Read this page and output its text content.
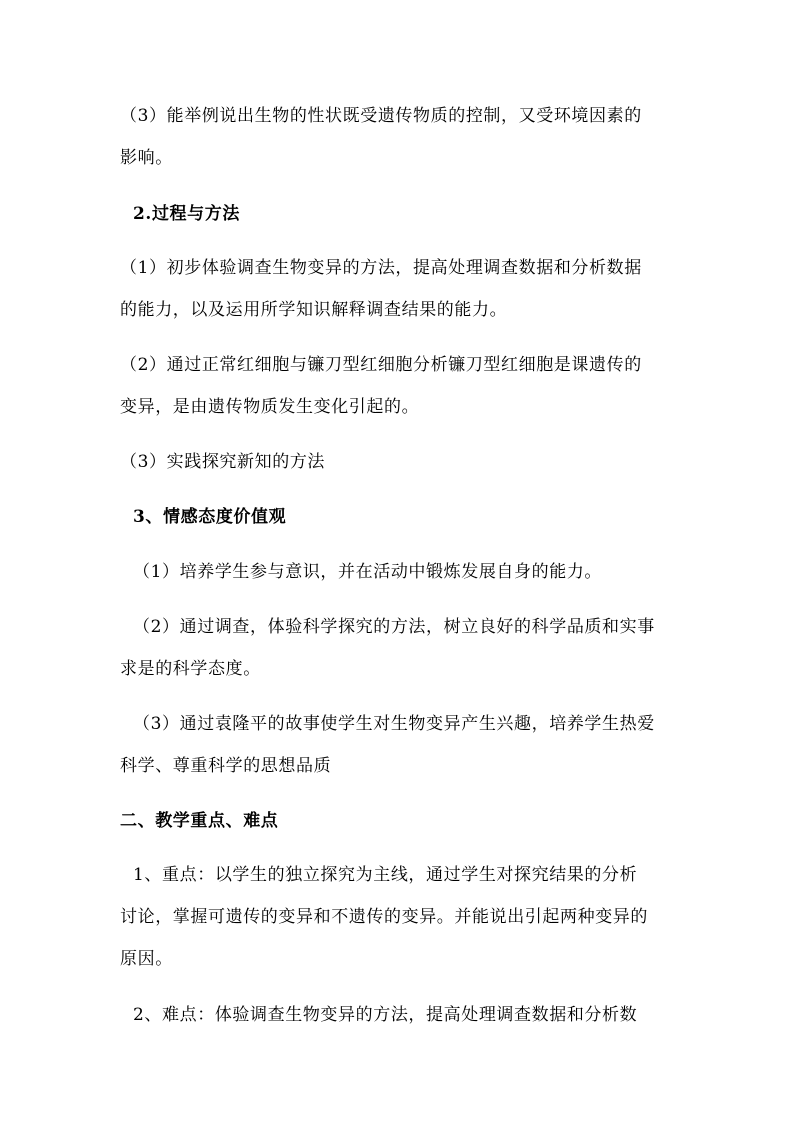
（3）能举例说出生物的性状既受遗传物质的控制，又受环境因素的
影响。

2.过程与方法

（1）初步体验调查生物变异的方法，提高处理调查数据和分析数据
的能力，以及运用所学知识解释调查结果的能力。

（2）通过正常红细胞与镰刀型红细胞分析镰刀型红细胞是课遗传的
变异，是由遗传物质发生变化引起的。

（3）实践探究新知的方法

3、情感态度价值观

（1）培养学生参与意识，并在活动中锻炼发展自身的能力。

（2）通过调查，体验科学探究的方法，树立良好的科学品质和实事
求是的科学态度。

（3）通过袁隆平的故事使学生对生物变异产生兴趣，培养学生热爱
科学、尊重科学的思想品质

二、教学重点、难点

1、重点：以学生的独立探究为主线，通过学生对探究结果的分析
讨论，掌握可遗传的变异和不遗传的变异。并能说出引起两种变异的
原因。

2、难点：体验调查生物变异的方法，提高处理调查数据和分析数
